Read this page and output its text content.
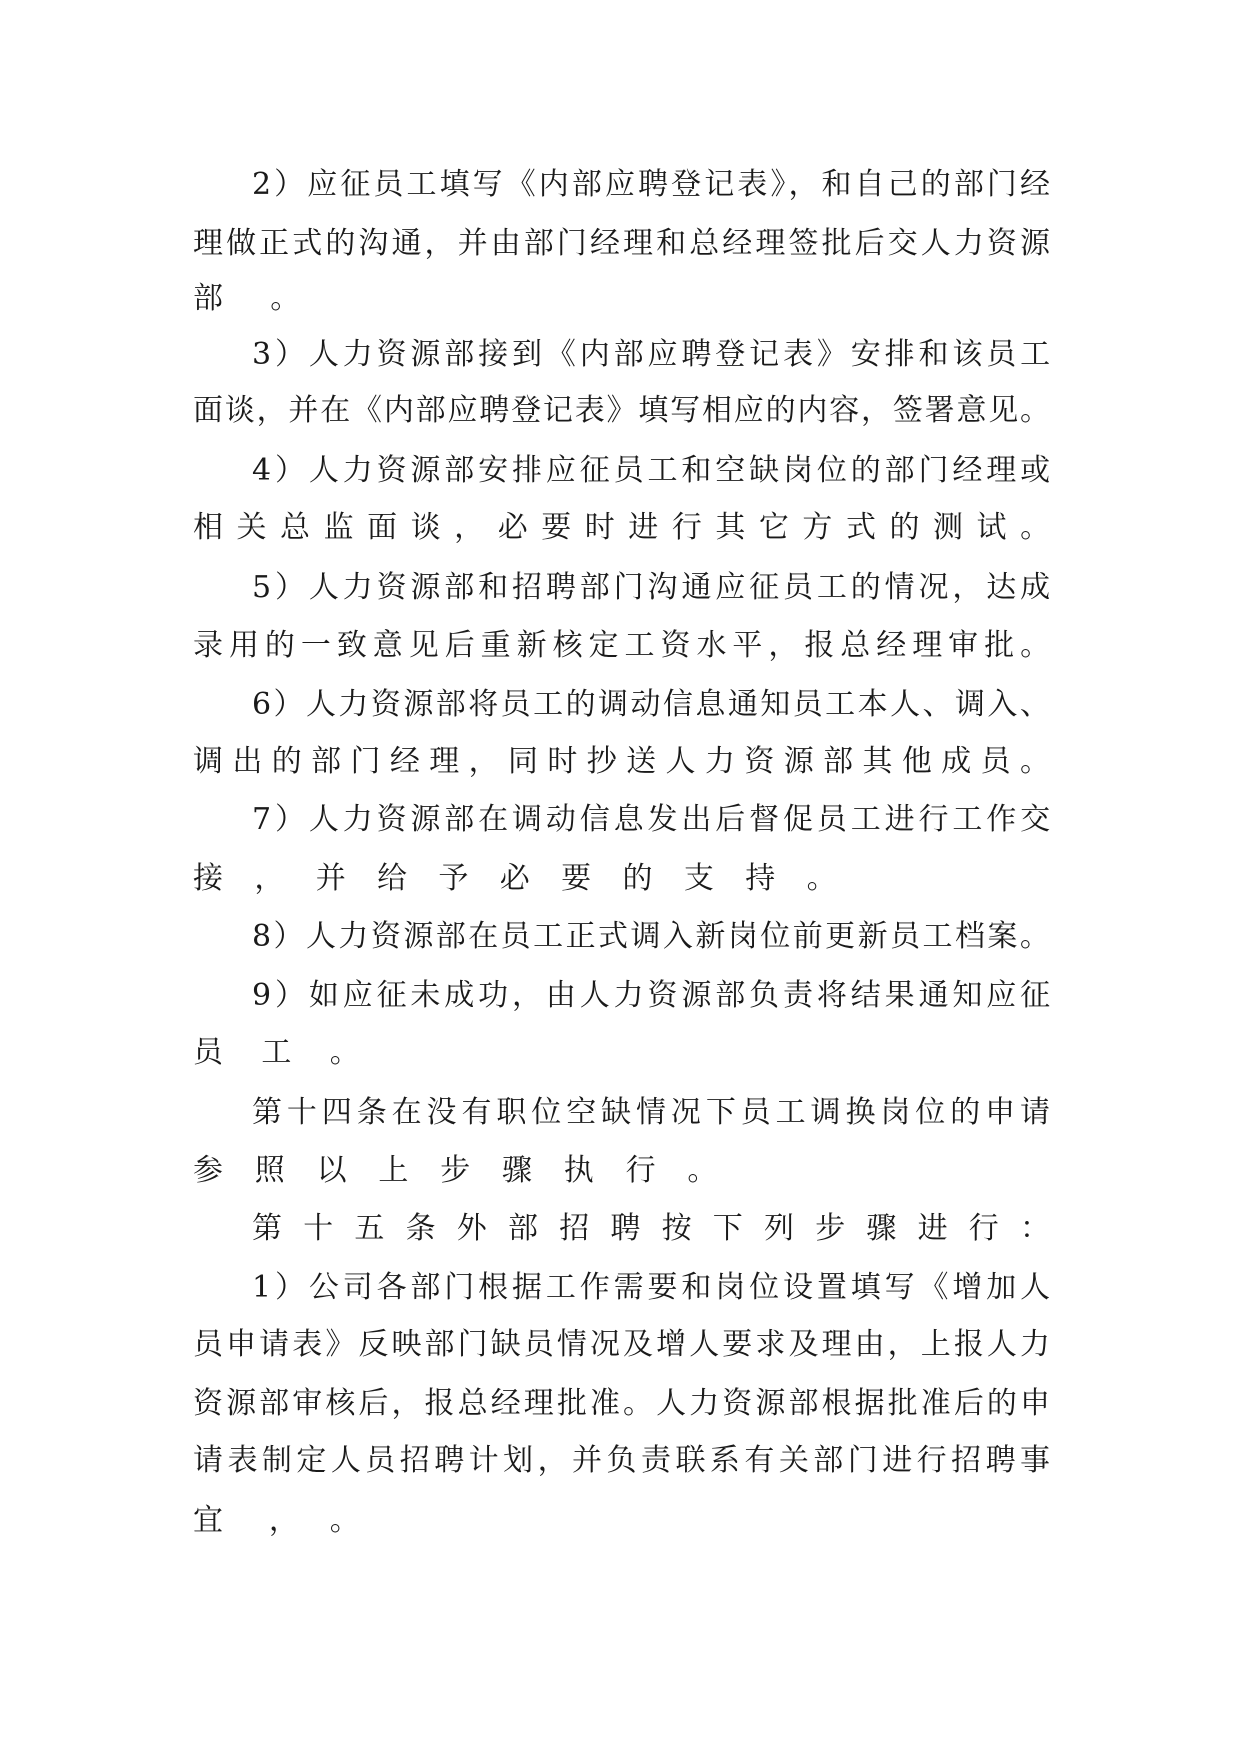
2）应征员工填写《内部应聘登记表》，和自己的部门经
理做正式的沟通，并由部门经理和总经理签批后交人力资源
部。
3）人力资源部接到《内部应聘登记表》安排和该员工
面谈，并在《内部应聘登记表》填写相应的内容，签署意见。
4）人力资源部安排应征员工和空缺岗位的部门经理或
相关总监面谈，必要时进行其它方式的测试。
5）人力资源部和招聘部门沟通应征员工的情况，达成
录用的一致意见后重新核定工资水平，报总经理审批。
6）人力资源部将员工的调动信息通知员工本人、调入、
调出的部门经理，同时抄送人力资源部其他成员。
7）人力资源部在调动信息发出后督促员工进行工作交
接，并给予必要的支持。
8）人力资源部在员工正式调入新岗位前更新员工档案。
9）如应征未成功，由人力资源部负责将结果通知应征
员工。
第十四条在没有职位空缺情况下员工调换岗位的申请
参照以上步骤执行。
第十五条外部招聘按下列步骤进行：
1）公司各部门根据工作需要和岗位设置填写《增加人
员申请表》反映部门缺员情况及增人要求及理由，上报人力
资源部审核后，报总经理批准。人力资源部根据批准后的申
请表制定人员招聘计划，并负责联系有关部门进行招聘事
宜，。
